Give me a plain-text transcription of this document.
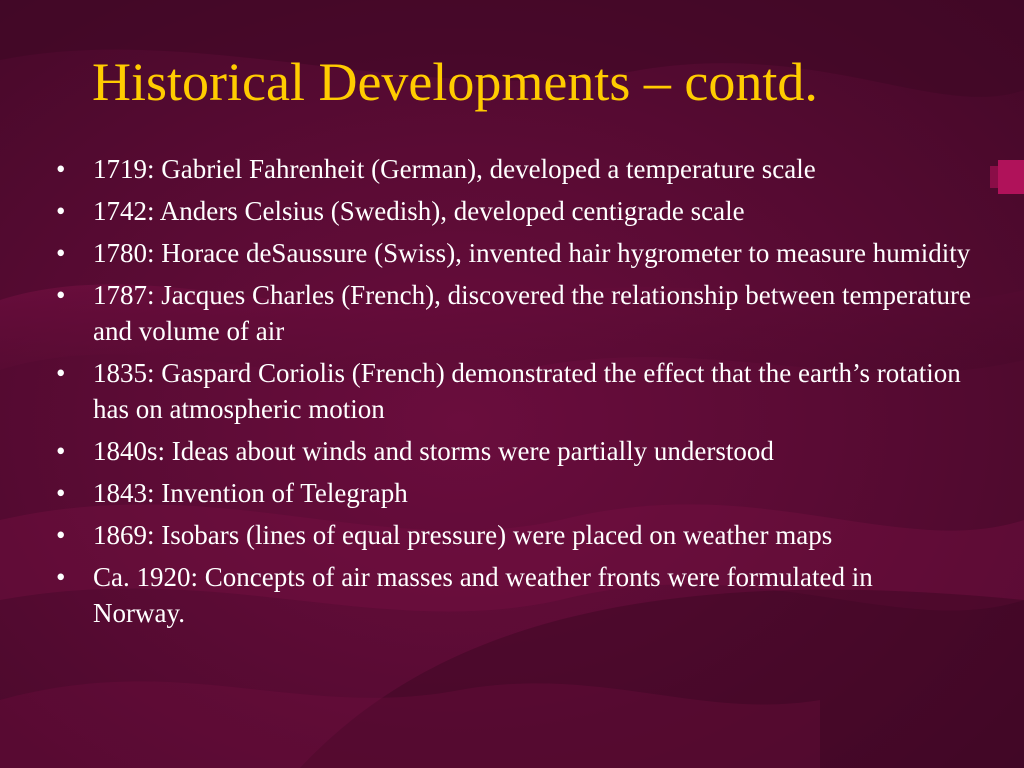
Historical Developments – contd.
•	1719: Gabriel Fahrenheit (German), developed a temperature scale
•	1742: Anders Celsius (Swedish), developed centigrade scale
•	1780: Horace deSaussure (Swiss), invented hair hygrometer to measure humidity
•	1787: Jacques Charles (French), discovered the relationship between temperature and volume of air
•	1835: Gaspard Coriolis (French) demonstrated the effect that the earth’s rotation has on atmospheric motion
•	1840s: Ideas about winds and storms were partially understood
•	1843: Invention of Telegraph
•	1869: Isobars (lines of equal pressure) were placed on weather maps
•	Ca. 1920: Concepts of air masses and weather fronts were formulated in Norway.
